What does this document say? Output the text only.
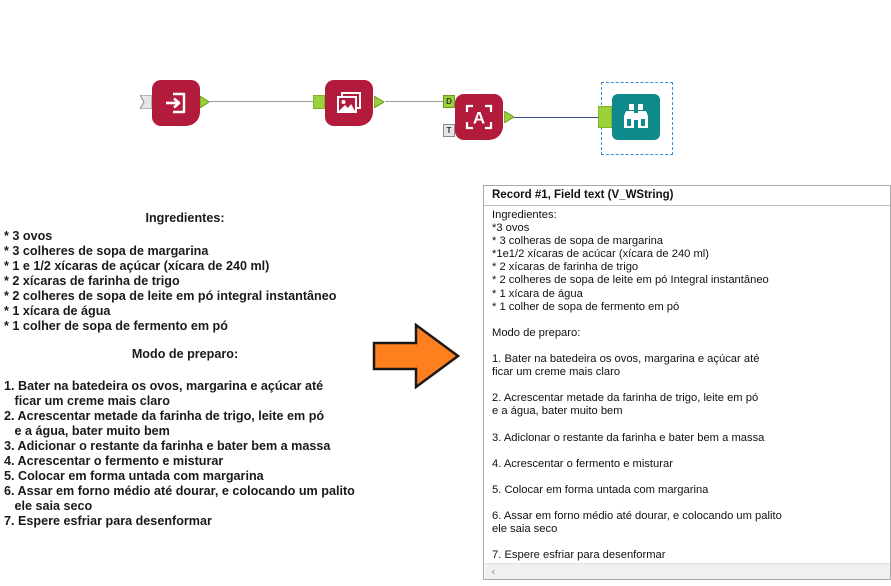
D
T
A

Ingredientes:

* 3 ovos
* 3 colheres de sopa de margarina
* 1 e 1/2 xícaras de açúcar (xícara de 240 ml)
* 2 xícaras de farinha de trigo
* 2 colheres de sopa de leite em pó integral instantâneo
* 1 xícara de água
* 1 colher de sopa de fermento em pó

Modo de preparo:

1. Bater na batedeira os ovos, margarina e açúcar até
ficar um creme mais claro
2. Acrescentar metade da farinha de trigo, leite em pó
e a água, bater muito bem
3. Adicionar o restante da farinha e bater bem a massa
4. Acrescentar o fermento e misturar
5. Colocar em forma untada com margarina
6. Assar em forno médio até dourar, e colocando um palito
ele saia seco
7. Espere esfriar para desenformar
Record #1, Field text (V_WString)
Ingredientes:
*3 ovos
* 3 colheras de sopa de margarina
*1e1/2 xícaras de acúcar (xícara de 240 ml)
* 2 xícaras de farinha de trigo
* 2 colheres de sopa de leite em pó Integral instantâneo
* 1 xícara de água
* 1 colher de sopa de fermento em pó
Modo de preparo:
1. Bater na batedeira os ovos, margarina e açúcar até
ficar um creme mais claro
2. Acrescentar metade da farinha de trigo, leite em pó
e a água, bater muito bem
3. Adiclonar o restante da farinha e bater bem a massa
4. Acrescentar o fermento e misturar
5. Colocar em forma untada com margarina
6. Assar em forno médio até dourar, e colocando um palito
ele saia seco
7. Espere esfriar para desenformar
‹
